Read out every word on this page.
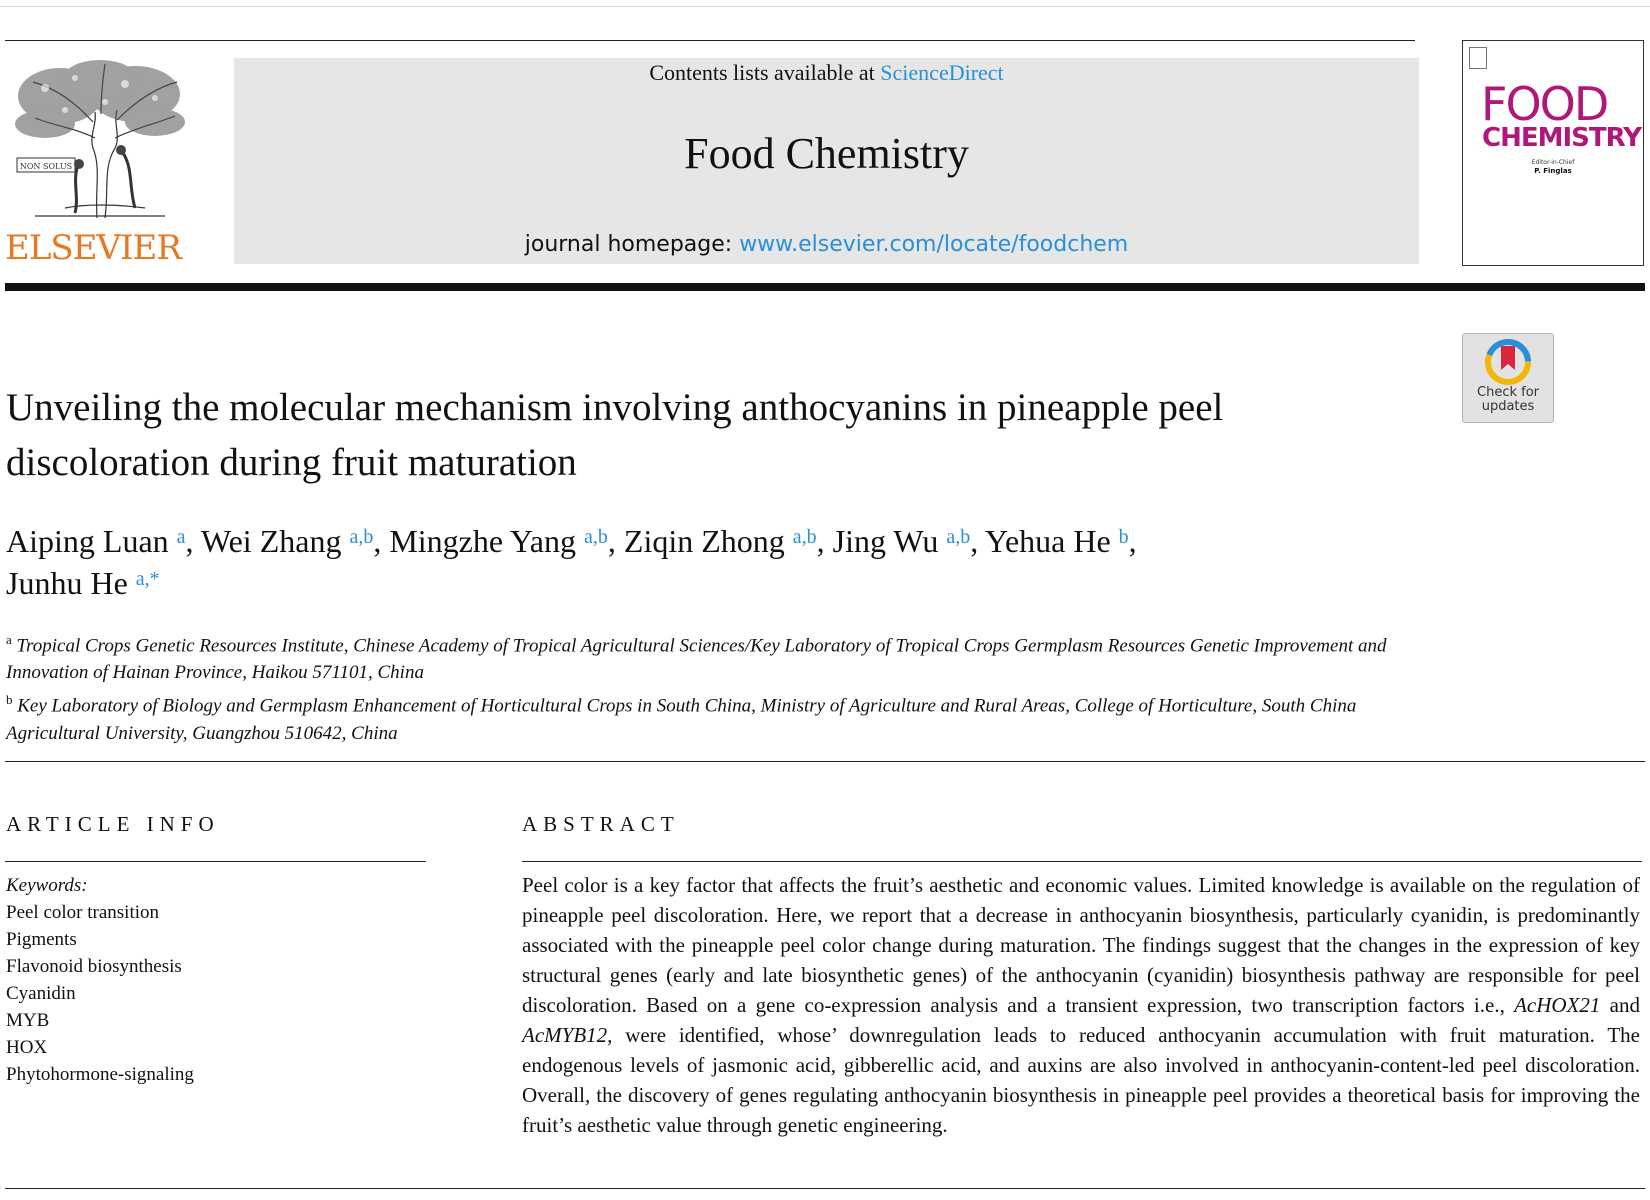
NON SOLUS
ELSEVIER
Contents lists available at ScienceDirect
Food Chemistry
journal homepage: www.elsevier.com/locate/foodchem
FOOD
CHEMISTRY
Editor-in-Chief
P. Finglas
Check for
updates
Unveiling the molecular mechanism involving anthocyanins in pineapple peel discoloration during fruit maturation
Aiping Luan $^a$, Wei Zhang $^{a,b}$, Mingzhe Yang $^{a,b}$, Ziqin Zhong $^{a,b}$, Jing Wu $^{a,b}$, Yehua He $^b$,
Junhu He $^{a,*}$
$^a$ Tropical Crops Genetic Resources Institute, Chinese Academy of Tropical Agricultural Sciences/Key Laboratory of Tropical Crops Germplasm Resources Genetic Improvement and Innovation of Hainan Province, Haikou 571101, China
$^b$ Key Laboratory of Biology and Germplasm Enhancement of Horticultural Crops in South China, Ministry of Agriculture and Rural Areas, College of Horticulture, South China Agricultural University, Guangzhou 510642, China
ARTICLE INFO
Keywords:
Peel color transition
Pigments
Flavonoid biosynthesis
Cyanidin
MYB
HOX
Phytohormone-signaling
ABSTRACT
Peel color is a key factor that affects the fruit’s aesthetic and economic values. Limited knowledge is available on the regulation of pineapple peel discoloration. Here, we report that a decrease in anthocyanin biosynthesis, particularly cyanidin, is predominantly associated with the pineapple peel color change during maturation. The findings suggest that the changes in the expression of key structural genes (early and late biosynthetic genes) of the anthocyanin (cyanidin) biosynthesis pathway are responsible for peel discoloration. Based on a gene co-expression analysis and a transient expression, two transcription factors i.e., AcHOX21 and AcMYB12, were identified, whose’ downregulation leads to reduced anthocyanin accumulation with fruit maturation. The endogenous levels of jasmonic acid, gibberellic acid, and auxins are also involved in anthocyanin-content-led peel discoloration. Overall, the discovery of genes regulating anthocyanin biosynthesis in pineapple peel provides a theoretical basis for improving the fruit’s aesthetic value through genetic engineering.
